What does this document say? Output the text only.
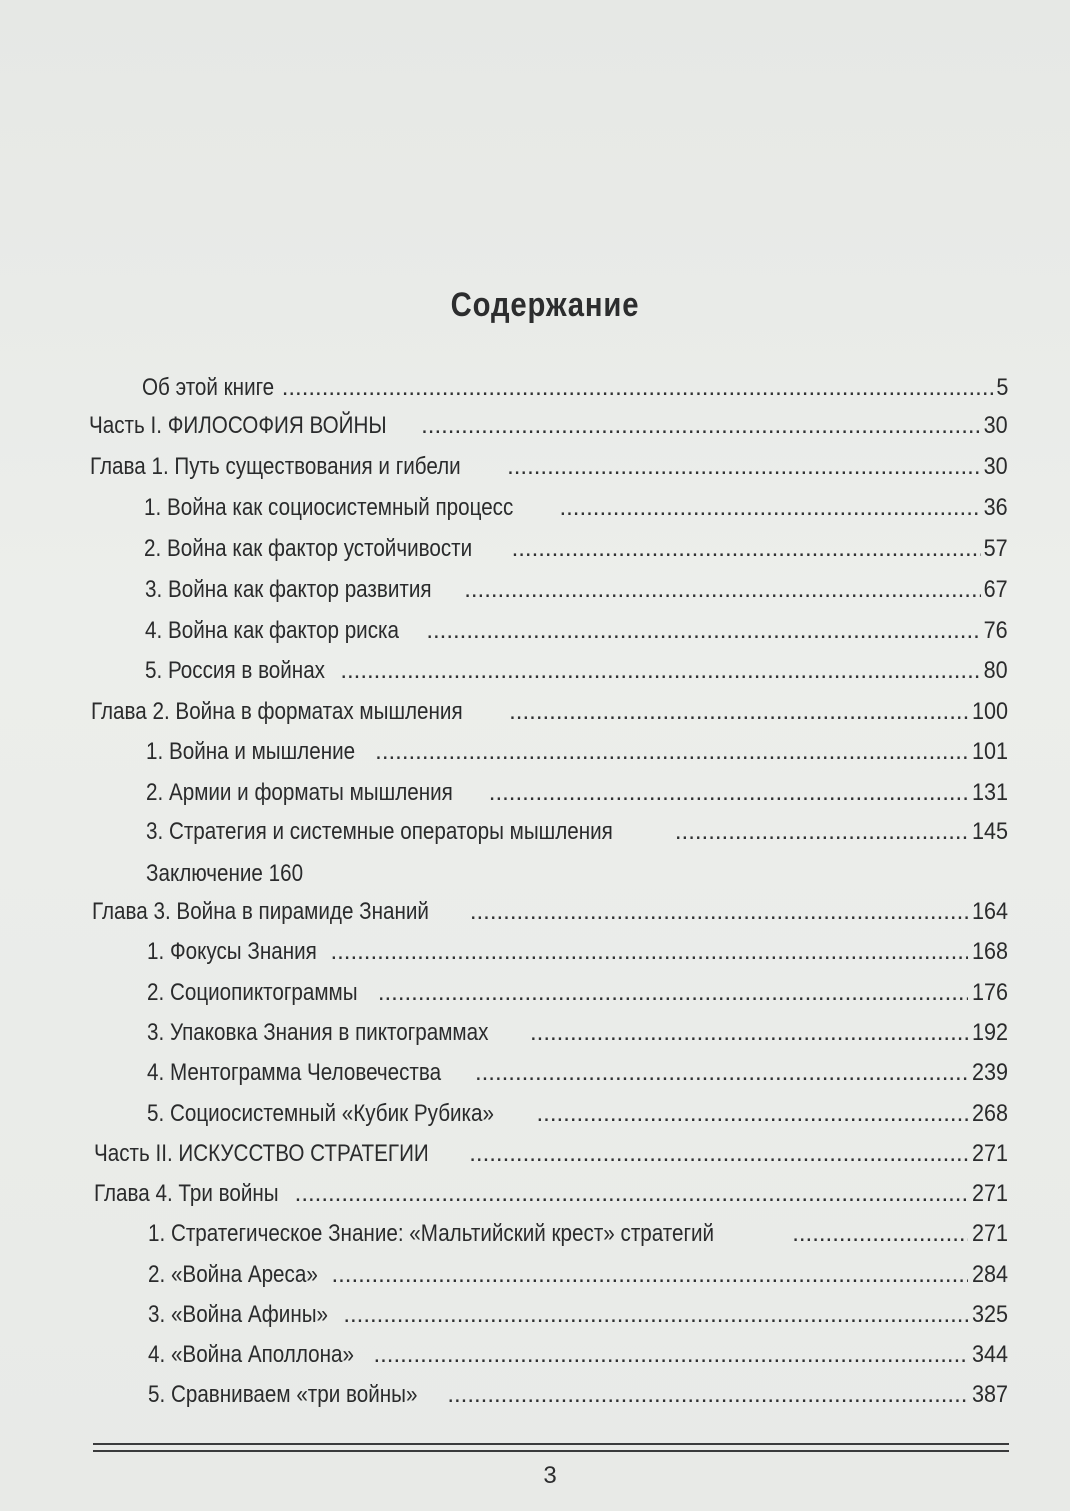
Содержание
Об этой книге .....	5
Часть I. ФИЛОСОФИЯ ВОЙНЫ .....	30
Глава 1. Путь существования и гибели .....	30
1. Война как социосистемный процесс .....	36
2. Война как фактор устойчивости .....	57
3. Война как фактор развития .....	67
4. Война как фактор риска .....	76
5. Россия в войнах .....	80
Глава 2. Война в форматах мышления .....	100
1. Война и мышление .....	101
2. Армии и форматы мышления .....	131
3. Стратегия и системные операторы мышления .....	145
Заключение 160
Глава 3. Война в пирамиде Знаний .....	164
1. Фокусы Знания .....	168
2. Социопиктограммы .....	176
3. Упаковка Знания в пиктограммах .....	192
4. Ментограмма Человечества .....	239
5. Социосистемный «Кубик Рубика» .....	268
Часть II. ИСКУССТВО СТРАТЕГИИ .....	271
Глава 4. Три войны .....	271
1. Стратегическое Знание: «Мальтийский крест» стратегий .....	271
2. «Война Ареса» .....	284
3. «Война Афины» .....	325
4. «Война Аполлона» .....	344
5. Сравниваем «три войны» .....	387
3
